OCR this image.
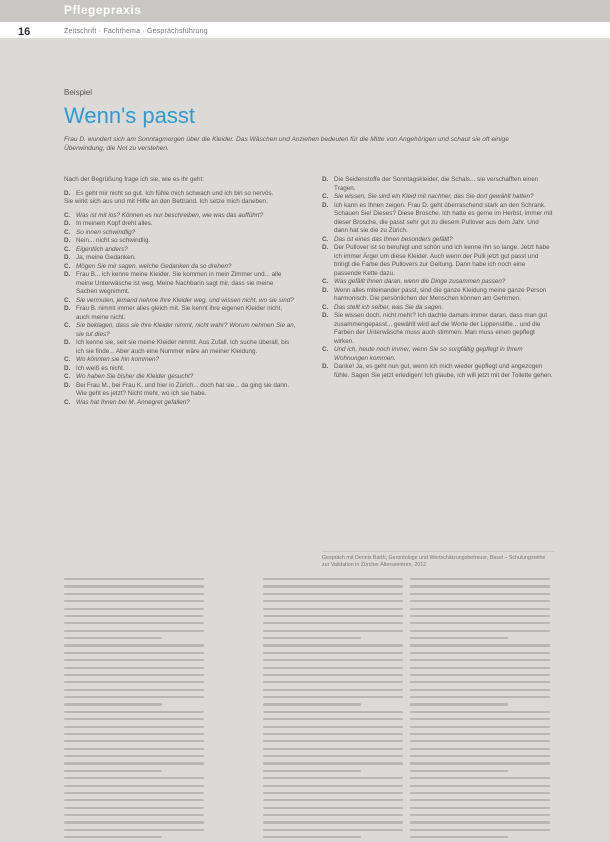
Pflegepraxis
16	Zeitschrift · Fachthema · Gesprächsführung
Beispiel
Wenn's passt
Frau D. wundert sich am Sonntagmorgen über die Kleider. Das Wäschen und Anziehen bedeuten für die Mitte von Angehörigen und schaut sie oft einige Überwindung, die Not zu verstehen.
Nach der Begrüßung frage ich sie, wie es ihr geht:
D. Es geht mir nicht so gut. Ich fühle mich schwach und ich bin so nervös.
Sie wirkt sich aus und mit Hilfe an den Bettrand. Ich setze mich daneben.
C. Was ist mit los? Können es nur beschreiben, wie was das aufführt?
D. In meinem Kopf dreht alles.
C. So innen schwindlig?
D. Nein... nicht so schwindlig.
C. Eigentlich anders?
D. Ja, meine Gedanken.
C. Mögen Sie mir sagen, welche Gedanken da so drehen?
D. Frau B... ich kenne meine Kleider. Sie kommen in mein Zimmer und... alle meine Unterwäsche ist weg. Meine Nachbarin sagt mir, dass sie meine Sachen wegnimmt.
C. Sie vermuten, jemand nehme Ihre Kleider weg, und wissen nicht, wo sie sind?
D. Frau B. nimmt immer alles gleich mit. Sie kennt ihre eigenen Kleider nicht, auch meine nicht.
C. Sie beklagen, dass sie Ihre Kleider nimmt, nicht wahr? Worum nehmen Sie an, sie tut dies?
D. Ich kenne sie, seit sie meine Kleider nimmt. Aus Zufall. Ich suche überall, bis ich sie finde... Aber auch eine Nummer wäre an meiner Kleidung.
C. Wo könnten sie hin kommen?
D. Ich weiß es nicht.
C. Wo haben Sie bisher die Kleider gesucht?
D. Bei Frau M., bei Frau K. und hier in Zürich... doch hat sie... da ging sie dann. Wie geht es jetzt? Nicht mehr, wo ich sie habe.
C. Was hat Ihnen bei M. Annegret gefallen?
D. Die Seidenstoffe der Sonntagskleider, die Schals... sie verschafften einen Tragen.
C. Sie wissen, Sie sind ein Kleid mit nachher, das Sie dort gewählt hatten?
D. Ich kann es Ihnen zeigen. Frau D. geht überraschend stark an den Schrank. Schauen Sie! Dieses? Diese Brosche. Ich hatte es gerne im Herbst, immer mit dieser Brosche, die passt sehr gut zu diesem Pullover aus dem Jahr. Und dann hat sie die zu Zürich.
C. Das ist eines das Ihnen besonders gefällt?
D. Der Pullover ist so beruhigt und schön und ich kenne ihn so lange. Jetzt habe ich immer Ärger um diese Kleider. Auch wenn der Pulli jetzt gut passt und bringt die Farbe des Pullovers zur Geltung. Dann habe ich noch eine passende Kette dazu.
C. Was gefällt Ihnen daran, wenn die Dinge zusammen passen?
D. Wenn alles miteinander passt, sind die ganze Kleidung meine ganze Person harmonisch. Die persönlichen der Menschen können am Gehirnen.
C. Das stellt ich selber, was Sie da sagen.
D. Sie wissen doch, nicht mehr? Ich dachte damals immer daran, dass man gut zusammengepasst... gewählt wird auf die Worte der Lippenstifte... und die Farben der Unterwäsche muss auch stimmen. Man muss einen gepflegt wirken.
C. Und ich, heute noch immer, wenn Sie so sorgfältig gepflegt in Ihrem Wohnungen kommen.
D. Danke! Ja, es geht nun gut, wenn ich mich wieder gepflegt und angezogen fühle. Sagen Sie jetzt erledigen! Ich glaube, ich will jetzt mit der Toilette gehen.
Gespräch mit Dennis Barth, Gerontologe und Wertschätzungsbetreuer, Basel – Schulungsreihe zur Validation in Zürcher Alterszentren, 2012
